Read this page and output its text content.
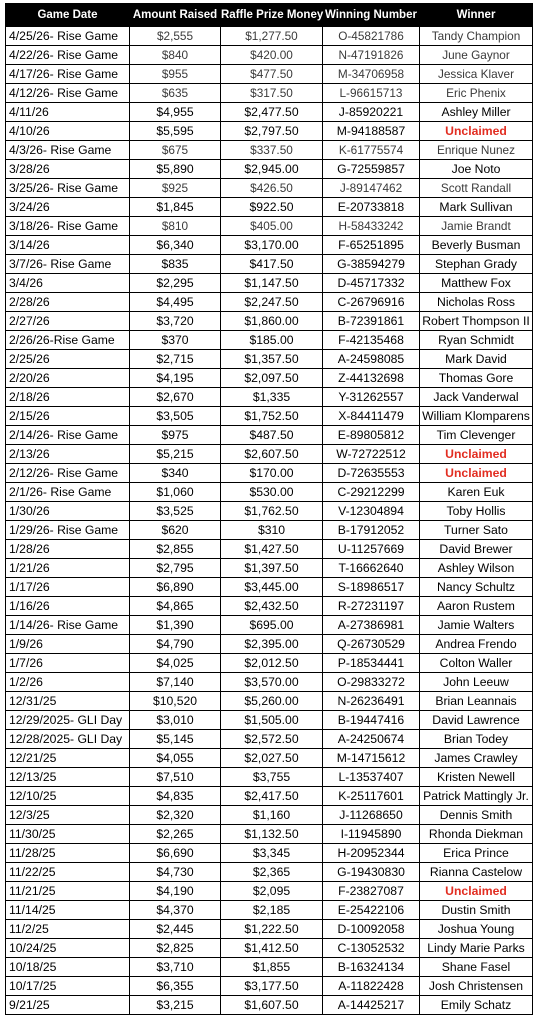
Game Date	Amount Raised	Raffle Prize Money	Winning Number	Winner
4/25/26- Rise Game	$2,555	$1,277.50	O-45821786	Tandy Champion
4/22/26- Rise Game	$840	$420.00	N-47191826	June Gaynor
4/17/26- Rise Game	$955	$477.50	M-34706958	Jessica Klaver
4/12/26- Rise Game	$635	$317.50	L-96615713	Eric Phenix
4/11/26	$4,955	$2,477.50	J-85920221	Ashley Miller
4/10/26	$5,595	$2,797.50	M-94188587	Unclaimed
4/3/26- Rise Game	$675	$337.50	K-61775574	Enrique Nunez
3/28/26	$5,890	$2,945.00	G-72559857	Joe Noto
3/25/26- Rise Game	$925	$426.50	J-89147462	Scott Randall
3/24/26	$1,845	$922.50	E-20733818	Mark Sullivan
3/18/26- Rise Game	$810	$405.00	H-58433242	Jamie Brandt
3/14/26	$6,340	$3,170.00	F-65251895	Beverly Busman
3/7/26- Rise Game	$835	$417.50	G-38594279	Stephan Grady
3/4/26	$2,295	$1,147.50	D-45717332	Matthew Fox
2/28/26	$4,495	$2,247.50	C-26796916	Nicholas Ross
2/27/26	$3,720	$1,860.00	B-72391861	Robert Thompson II
2/26/26-Rise Game	$370	$185.00	F-42135468	Ryan Schmidt
2/25/26	$2,715	$1,357.50	A-24598085	Mark David
2/20/26	$4,195	$2,097.50	Z-44132698	Thomas Gore
2/18/26	$2,670	$1,335	Y-31262557	Jack Vanderwal
2/15/26	$3,505	$1,752.50	X-84411479	William Klomparens
2/14/26- Rise Game	$975	$487.50	E-89805812	Tim Clevenger
2/13/26	$5,215	$2,607.50	W-72722512	Unclaimed
2/12/26- Rise Game	$340	$170.00	D-72635553	Unclaimed
2/1/26- Rise Game	$1,060	$530.00	C-29212299	Karen Euk
1/30/26	$3,525	$1,762.50	V-12304894	Toby Hollis
1/29/26- Rise Game	$620	$310	B-17912052	Turner Sato
1/28/26	$2,855	$1,427.50	U-11257669	David Brewer
1/21/26	$2,795	$1,397.50	T-16662640	Ashley Wilson
1/17/26	$6,890	$3,445.00	S-18986517	Nancy Schultz
1/16/26	$4,865	$2,432.50	R-27231197	Aaron Rustem
1/14/26- Rise Game	$1,390	$695.00	A-27386981	Jamie Walters
1/9/26	$4,790	$2,395.00	Q-26730529	Andrea Frendo
1/7/26	$4,025	$2,012.50	P-18534441	Colton Waller
1/2/26	$7,140	$3,570.00	O-29833272	John Leeuw
12/31/25	$10,520	$5,260.00	N-26236491	Brian Leannais
12/29/2025- GLI Day	$3,010	$1,505.00	B-19447416	David Lawrence
12/28/2025- GLI Day	$5,145	$2,572.50	A-24250674	Brian Todey
12/21/25	$4,055	$2,027.50	M-14715612	James Crawley
12/13/25	$7,510	$3,755	L-13537407	Kristen Newell
12/10/25	$4,835	$2,417.50	K-25117601	Patrick Mattingly Jr.
12/3/25	$2,320	$1,160	J-11268650	Dennis Smith
11/30/25	$2,265	$1,132.50	I-11945890	Rhonda Diekman
11/28/25	$6,690	$3,345	H-20952344	Erica Prince
11/22/25	$4,730	$2,365	G-19430830	Rianna Castelow
11/21/25	$4,190	$2,095	F-23827087	Unclaimed
11/14/25	$4,370	$2,185	E-25422106	Dustin Smith
11/2/25	$2,445	$1,222.50	D-10092058	Joshua Young
10/24/25	$2,825	$1,412.50	C-13052532	Lindy Marie Parks
10/18/25	$3,710	$1,855	B-16324134	Shane Fasel
10/17/25	$6,355	$3,177.50	A-11822428	Josh Christensen
9/21/25	$3,215	$1,607.50	A-14425217	Emily Schatz
